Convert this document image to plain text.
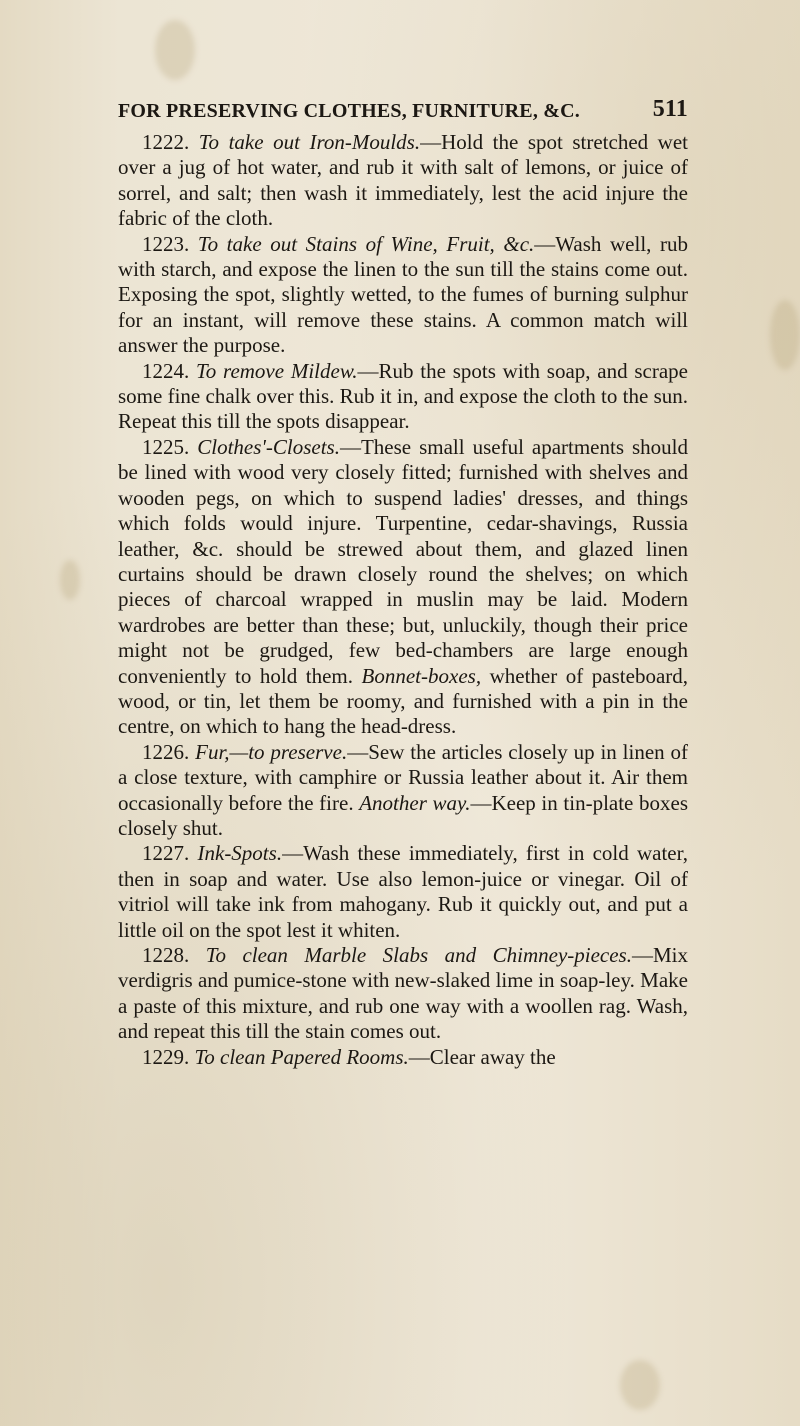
FOR PRESERVING CLOTHES, FURNITURE, &C.	511

1222. To take out Iron-Moulds.—Hold the spot stretched wet over a jug of hot water, and rub it with salt of lemons, or juice of sorrel, and salt; then wash it immediately, lest the acid injure the fabric of the cloth.

1223. To take out Stains of Wine, Fruit, &c.—Wash well, rub with starch, and expose the linen to the sun till the stains come out. Exposing the spot, slightly wetted, to the fumes of burning sulphur for an instant, will remove these stains. A common match will answer the purpose.

1224. To remove Mildew.—Rub the spots with soap, and scrape some fine chalk over this. Rub it in, and expose the cloth to the sun. Repeat this till the spots disappear.

1225. Clothes'-Closets.—These small useful apartments should be lined with wood very closely fitted; furnished with shelves and wooden pegs, on which to suspend ladies' dresses, and things which folds would injure. Turpentine, cedar-shavings, Russia leather, &c. should be strewed about them, and glazed linen curtains should be drawn closely round the shelves; on which pieces of charcoal wrapped in muslin may be laid. Modern wardrobes are better than these; but, unluckily, though their price might not be grudged, few bed-chambers are large enough conveniently to hold them. Bonnet-boxes, whether of pasteboard, wood, or tin, let them be roomy, and furnished with a pin in the centre, on which to hang the head-dress.

1226. Fur,—to preserve.—Sew the articles closely up in linen of a close texture, with camphire or Russia leather about it. Air them occasionally before the fire. Another way.—Keep in tin-plate boxes closely shut.

1227. Ink-Spots.—Wash these immediately, first in cold water, then in soap and water. Use also lemon-juice or vinegar. Oil of vitriol will take ink from mahogany. Rub it quickly out, and put a little oil on the spot lest it whiten.

1228. To clean Marble Slabs and Chimney-pieces.—Mix verdigris and pumice-stone with new-slaked lime in soap-ley. Make a paste of this mixture, and rub one way with a woollen rag. Wash, and repeat this till the stain comes out.

1229. To clean Papered Rooms.—Clear away the
